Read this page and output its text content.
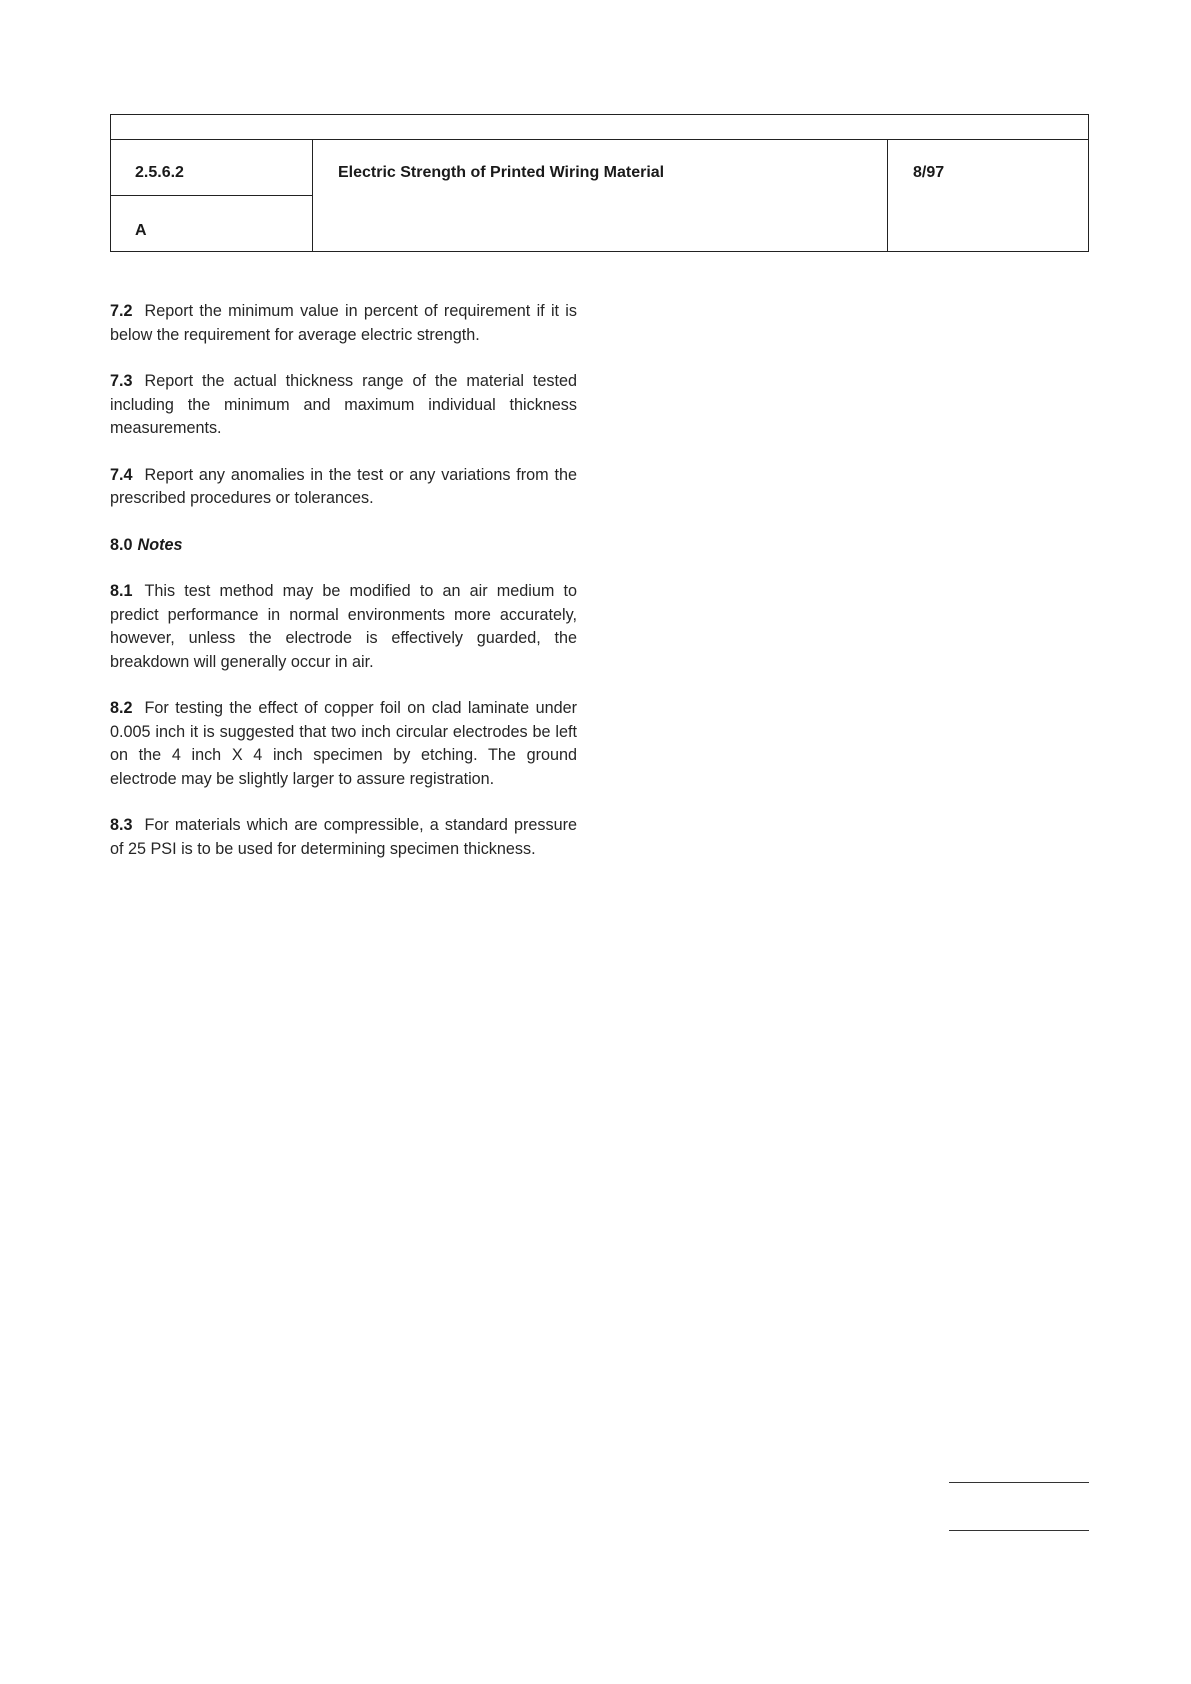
2.5.6.2
A
Electric Strength of Printed Wiring Material	8/97

7.2 Report the minimum value in percent of requirement if it is below the requirement for average electric strength.

7.3 Report the actual thickness range of the material tested including the minimum and maximum individual thickness measurements.

7.4 Report any anomalies in the test or any variations from the prescribed procedures or tolerances.

8.0 Notes

8.1 This test method may be modified to an air medium to predict performance in normal environments more accurately, however, unless the electrode is effectively guarded, the breakdown will generally occur in air.

8.2 For testing the effect of copper foil on clad laminate under 0.005 inch it is suggested that two inch circular electrodes be left on the 4 inch X 4 inch specimen by etching. The ground electrode may be slightly larger to assure registration.

8.3 For materials which are compressible, a standard pressure of 25 PSI is to be used for determining specimen thickness.
